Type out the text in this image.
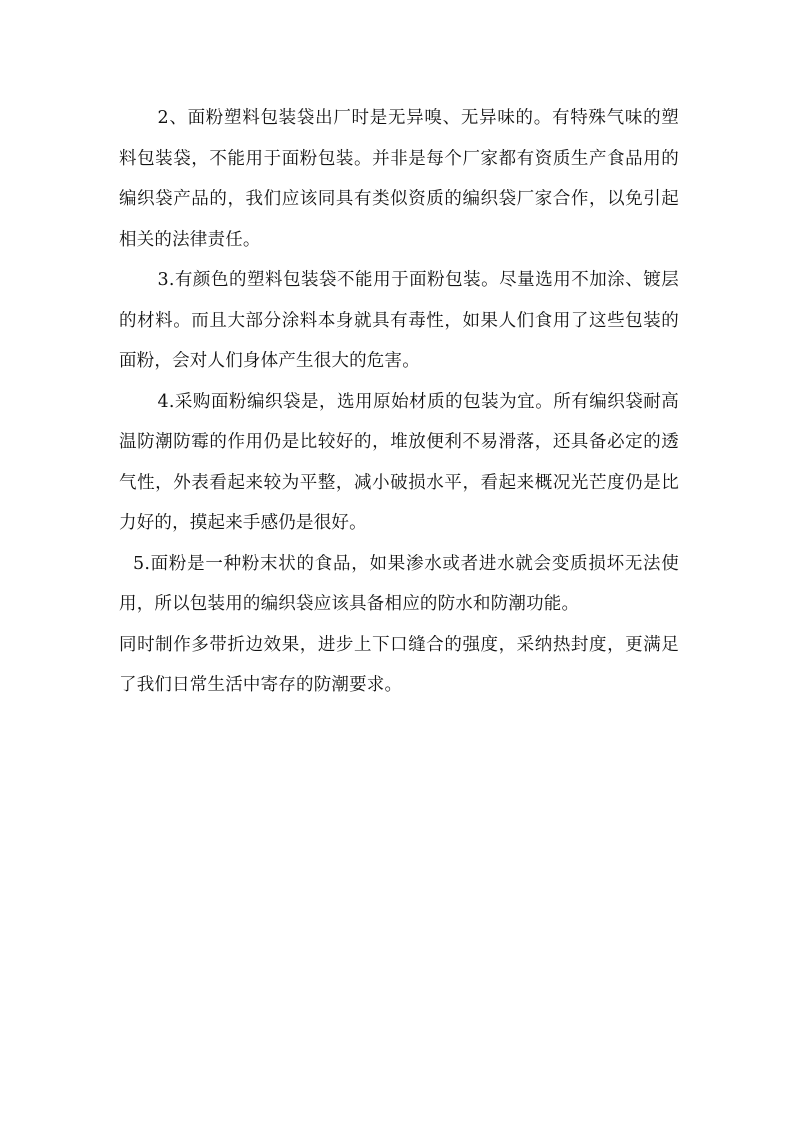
2、面粉塑料包装袋出厂时是无异嗅、无异味的。有特殊气味的塑料包装袋，不能用于面粉包装。并非是每个厂家都有资质生产食品用的编织袋产品的，我们应该同具有类似资质的编织袋厂家合作，以免引起相关的法律责任。

3.有颜色的塑料包装袋不能用于面粉包装。尽量选用不加涂、镀层的材料。而且大部分涂料本身就具有毒性，如果人们食用了这些包装的面粉，会对人们身体产生很大的危害。

4.采购面粉编织袋是，选用原始材质的包装为宜。所有编织袋耐高温防潮防霉的作用仍是比较好的，堆放便利不易滑落，还具备必定的透气性，外表看起来较为平整，减小破损水平，看起来概况光芒度仍是比力好的，摸起来手感仍是很好。

5.面粉是一种粉末状的食品，如果渗水或者进水就会变质损坏无法使用，所以包装用的编织袋应该具备相应的防水和防潮功能。

同时制作多带折边效果，进步上下口缝合的强度，采纳热封度，更满足了我们日常生活中寄存的防潮要求。
